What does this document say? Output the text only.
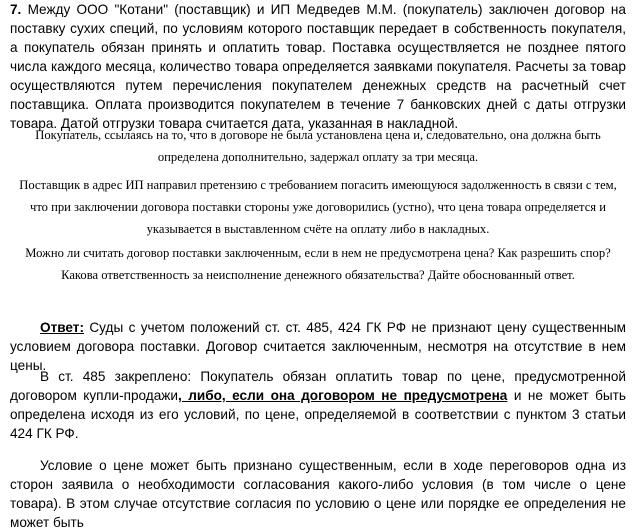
7. Между ООО "Котани" (поставщик) и ИП Медведев М.М. (покупатель) заключен договор на поставку сухих специй, по условиям которого поставщик передает в собственность покупателя, а покупатель обязан принять и оплатить товар. Поставка осуществляется не позднее пятого числа каждого месяца, количество товара определяется заявками покупателя. Расчеты за товар осуществляются путем перечисления покупателем денежных средств на расчетный счет поставщика. Оплата производится покупателем в течение 7 банковских дней с даты отгрузки товара. Датой отгрузки товара считается дата, указанная в накладной.

Покупатель, ссылаясь на то, что в договоре не была установлена цена и, следовательно, она должна быть определена дополнительно, задержал оплату за три месяца.

Поставщик в адрес ИП направил претензию с требованием погасить имеющуюся задолженность в связи с тем, что при заключении договора поставки стороны уже договорились (устно), что цена товара определяется и указывается в выставленном счёте на оплату либо в накладных.

Можно ли считать договор поставки заключенным, если в нем не предусмотрена цена? Как разрешить спор? Какова ответственность за неисполнение денежного обязательства? Дайте обоснованный ответ.

Ответ: Суды с учетом положений ст. ст. 485, 424 ГК РФ не признают цену существенным условием договора поставки. Договор считается заключенным, несмотря на отсутствие в нем цены.

В ст. 485 закреплено: Покупатель обязан оплатить товар по цене, предусмотренной договором купли-продажи, либо, если она договором не предусмотрена и не может быть определена исходя из его условий, по цене, определяемой в соответствии с пунктом 3 статьи 424 ГК РФ.

Условие о цене может быть признано существенным, если в ходе переговоров одна из сторон заявила о необходимости согласования какого-либо условия (в том числе о цене товара). В этом случае отсутствие согласия по условию о цене или порядке ее определения не может быть
